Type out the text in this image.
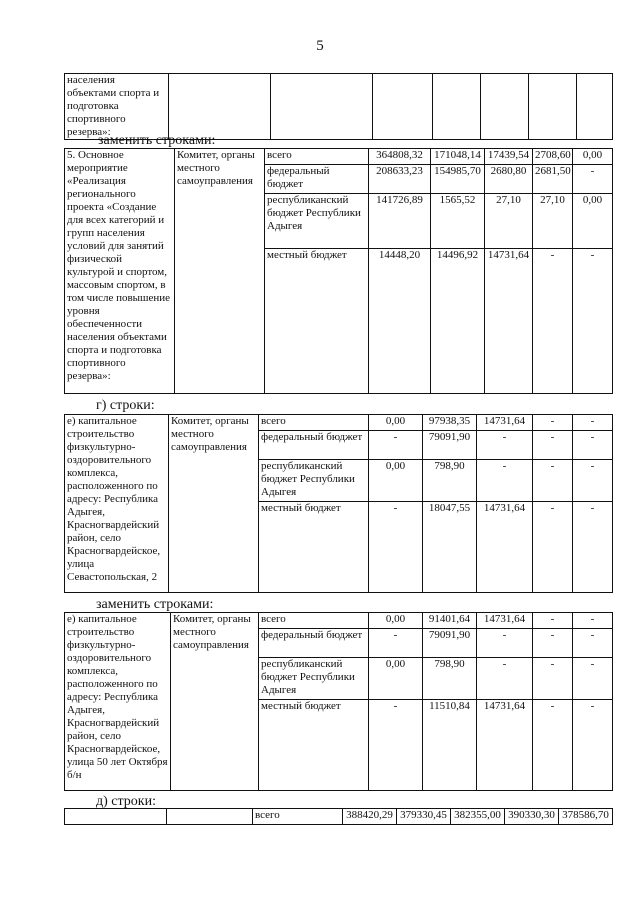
5
населения объектами спорта и подготовка спортивного резерва»:							
заменить строками:
5. Основное мероприятие «Реализация регионального проекта «Создание для всех категорий и групп населения условий для занятий физической культурой и спортом, массовым спортом, в том числе повышение уровня обеспеченности населения объектами спорта и подготовка спортивного резерва»:	Комитет, органы местного самоуправления	всего	364808,32	171048,14	17439,54	2708,60	0,00
		федеральный бюджет	208633,23	154985,70	2680,80	2681,50	-
		республиканский бюджет Республики Адыгея	141726,89	1565,52	27,10	27,10	0,00
		местный бюджет	14448,20	14496,92	14731,64	-	-
г) строки:
е) капитальное строительство физкультурно-оздоровительного комплекса, расположенного по адресу: Республика Адыгея, Красногвардейский район, село Красногвардейское, улица Севастопольская, 2	Комитет, органы местного самоуправления	всего	0,00	97938,35	14731,64	-	-
		федеральный бюджет	-	79091,90	-	-	-
		республиканский бюджет Республики Адыгея	0,00	798,90	-	-	-
		местный бюджет	-	18047,55	14731,64	-	-
заменить строками:
е) капитальное строительство физкультурно-оздоровительного комплекса, расположенного по адресу: Республика Адыгея, Красногвардейский район, село Красногвардейское, улица 50 лет Октября б/н	Комитет, органы местного самоуправления	всего	0,00	91401,64	14731,64	-	-
		федеральный бюджет	-	79091,90	-	-	-
		республиканский бюджет Республики Адыгея	0,00	798,90	-	-	-
		местный бюджет	-	11510,84	14731,64	-	-
д) строки:
		всего	388420,29	379330,45	382355,00	390330,30	378586,70
